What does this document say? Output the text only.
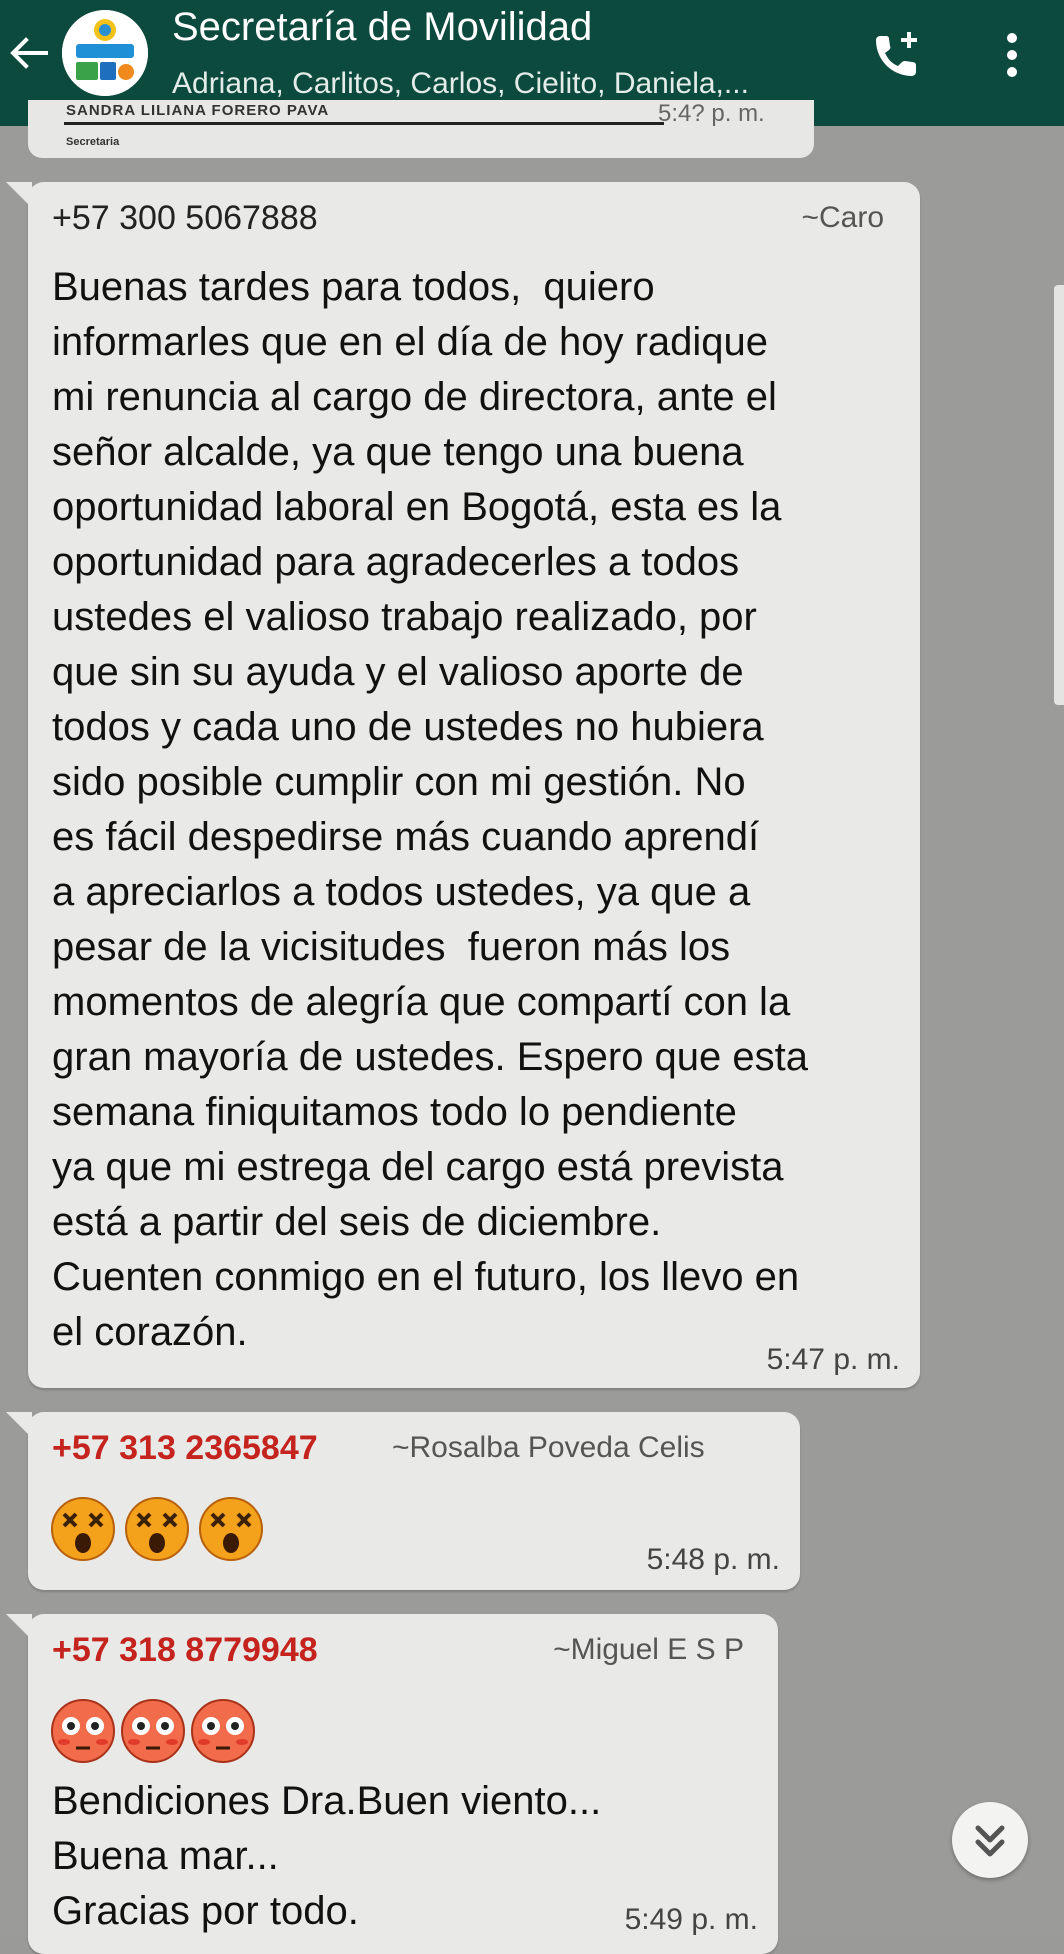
Secretaría de Movilidad
Adriana, Carlitos, Carlos, Cielito, Daniela,...
SANDRA LILIANA FORERO PAVA
Secretaria
5:4? p. m.
+57 300 5067888	~Caro
Buenas tardes para todos,  quiero
informarles que en el día de hoy radique
mi renuncia al cargo de directora, ante el
señor alcalde, ya que tengo una buena
oportunidad laboral en Bogotá, esta es la
oportunidad para agradecerles a todos
ustedes el valioso trabajo realizado, por
que sin su ayuda y el valioso aporte de
todos y cada uno de ustedes no hubiera
sido posible cumplir con mi gestión. No
es fácil despedirse más cuando aprendí
a apreciarlos a todos ustedes, ya que a
pesar de la vicisitudes  fueron más los
momentos de alegría que compartí con la
gran mayoría de ustedes. Espero que esta
semana finiquitamos todo lo pendiente
ya que mi estrega del cargo está prevista
está a partir del seis de diciembre.
Cuenten conmigo en el futuro, los llevo en
el corazón.
5:47 p. m.
+57 313 2365847 ~Rosalba Poveda Celis
5:48 p. m.
+57 318 8779948	~Miguel E S P
Bendiciones Dra.Buen viento...
Buena mar...
Gracias por todo.	5:49 p. m.
